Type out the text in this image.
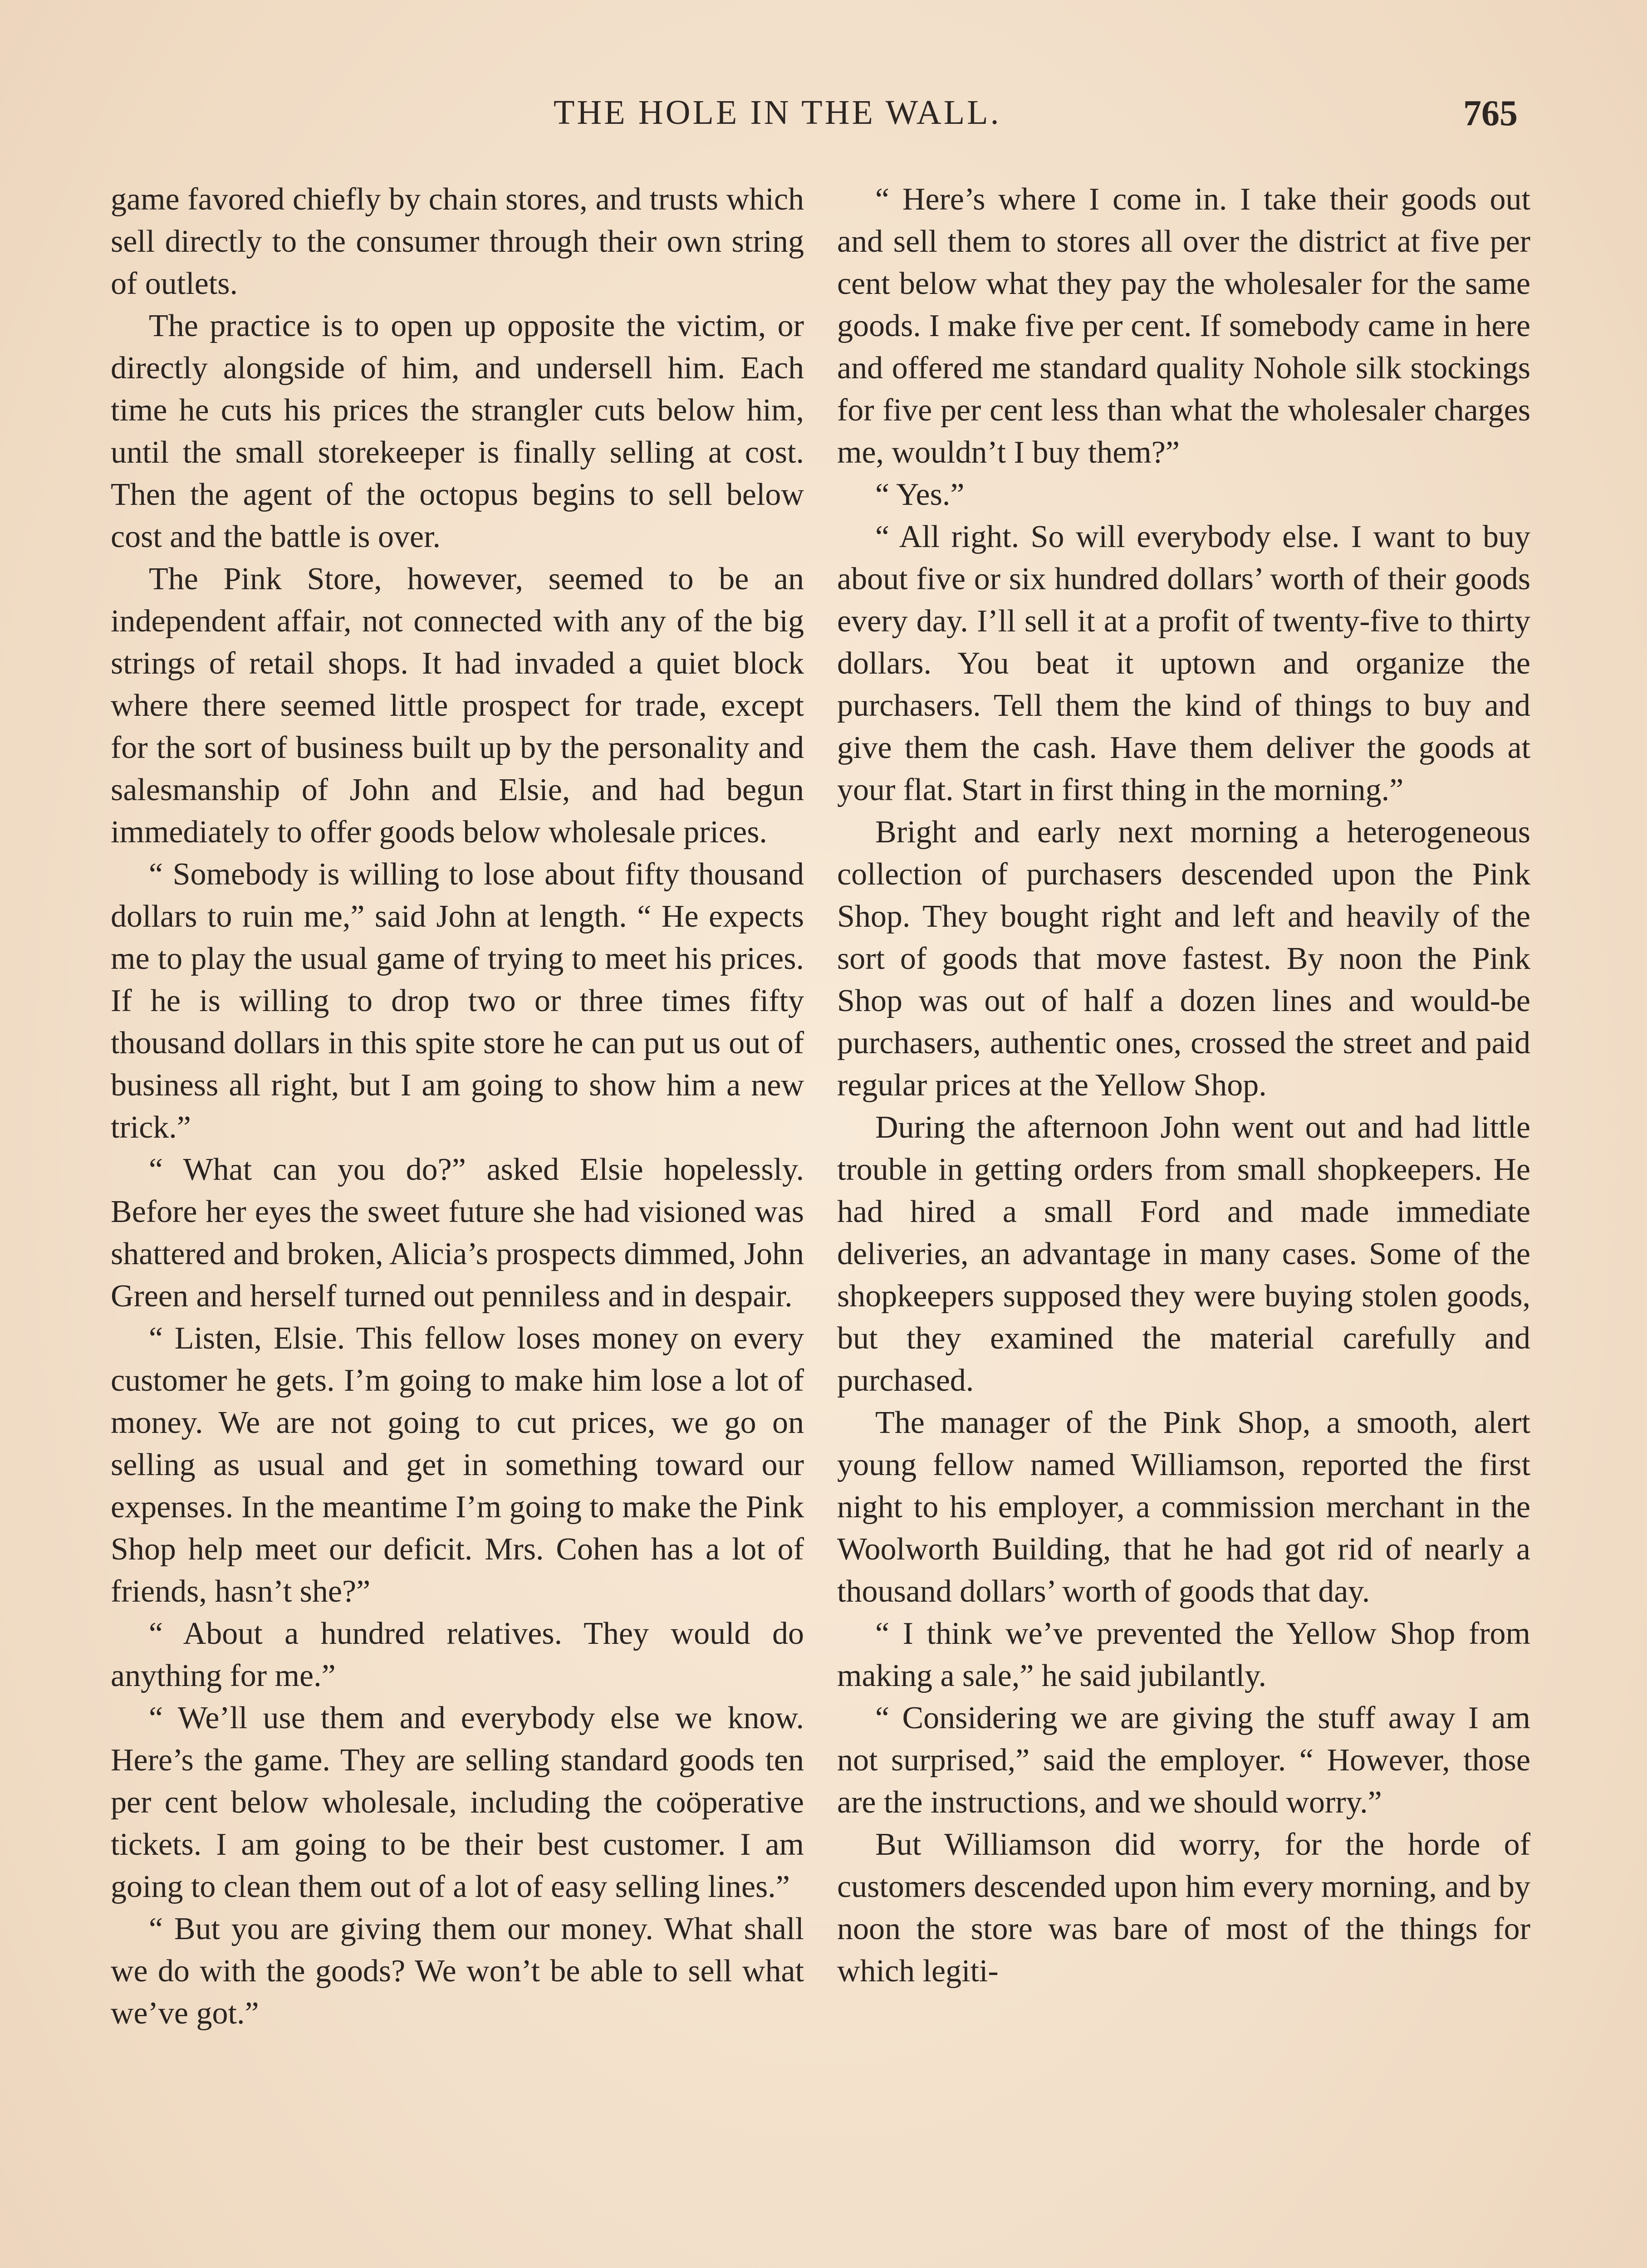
THE HOLE IN THE WALL.	765

game favored chiefly by chain stores, and trusts which sell directly to the consumer through their own string of outlets.

The practice is to open up opposite the victim, or directly alongside of him, and undersell him. Each time he cuts his prices the strangler cuts below him, until the small storekeeper is finally selling at cost. Then the agent of the octopus begins to sell below cost and the battle is over.

The Pink Store, however, seemed to be an independent affair, not connected with any of the big strings of retail shops. It had invaded a quiet block where there seemed little prospect for trade, except for the sort of business built up by the personality and salesmanship of John and Elsie, and had begun immediately to offer goods below wholesale prices.

“ Somebody is willing to lose about fifty thousand dollars to ruin me,” said John at length. “ He expects me to play the usual game of trying to meet his prices. If he is willing to drop two or three times fifty thousand dollars in this spite store he can put us out of business all right, but I am going to show him a new trick.”

“ What can you do?” asked Elsie hopelessly. Before her eyes the sweet future she had visioned was shattered and broken, Alicia’s prospects dimmed, John Green and herself turned out penniless and in despair.

“ Listen, Elsie. This fellow loses money on every customer he gets. I’m going to make him lose a lot of money. We are not going to cut prices, we go on selling as usual and get in something toward our expenses. In the meantime I’m going to make the Pink Shop help meet our deficit. Mrs. Cohen has a lot of friends, hasn’t she?”

“ About a hundred relatives. They would do anything for me.”

“ We’ll use them and everybody else we know. Here’s the game. They are selling standard goods ten per cent below wholesale, including the coöperative tickets. I am going to be their best customer. I am going to clean them out of a lot of easy selling lines.”

“ But you are giving them our money. What shall we do with the goods? We won’t be able to sell what we’ve got.”

“ Here’s where I come in. I take their goods out and sell them to stores all over the district at five per cent below what they pay the wholesaler for the same goods. I make five per cent. If somebody came in here and offered me standard quality Nohole silk stockings for five per cent less than what the wholesaler charges me, wouldn’t I buy them?”

“ Yes.”

“ All right. So will everybody else. I want to buy about five or six hundred dollars’ worth of their goods every day. I’ll sell it at a profit of twenty-five to thirty dollars. You beat it uptown and organize the purchasers. Tell them the kind of things to buy and give them the cash. Have them deliver the goods at your flat. Start in first thing in the morning.”

Bright and early next morning a heterogeneous collection of purchasers descended upon the Pink Shop. They bought right and left and heavily of the sort of goods that move fastest. By noon the Pink Shop was out of half a dozen lines and would-be purchasers, authentic ones, crossed the street and paid regular prices at the Yellow Shop.

During the afternoon John went out and had little trouble in getting orders from small shopkeepers. He had hired a small Ford and made immediate deliveries, an advantage in many cases. Some of the shopkeepers supposed they were buying stolen goods, but they examined the material carefully and purchased.

The manager of the Pink Shop, a smooth, alert young fellow named Williamson, reported the first night to his employer, a commission merchant in the Woolworth Building, that he had got rid of nearly a thousand dollars’ worth of goods that day.

“ I think we’ve prevented the Yellow Shop from making a sale,” he said jubilantly.

“ Considering we are giving the stuff away I am not surprised,” said the employer. “ However, those are the instructions, and we should worry.”

But Williamson did worry, for the horde of customers descended upon him every morning, and by noon the store was bare of most of the things for which legiti-
